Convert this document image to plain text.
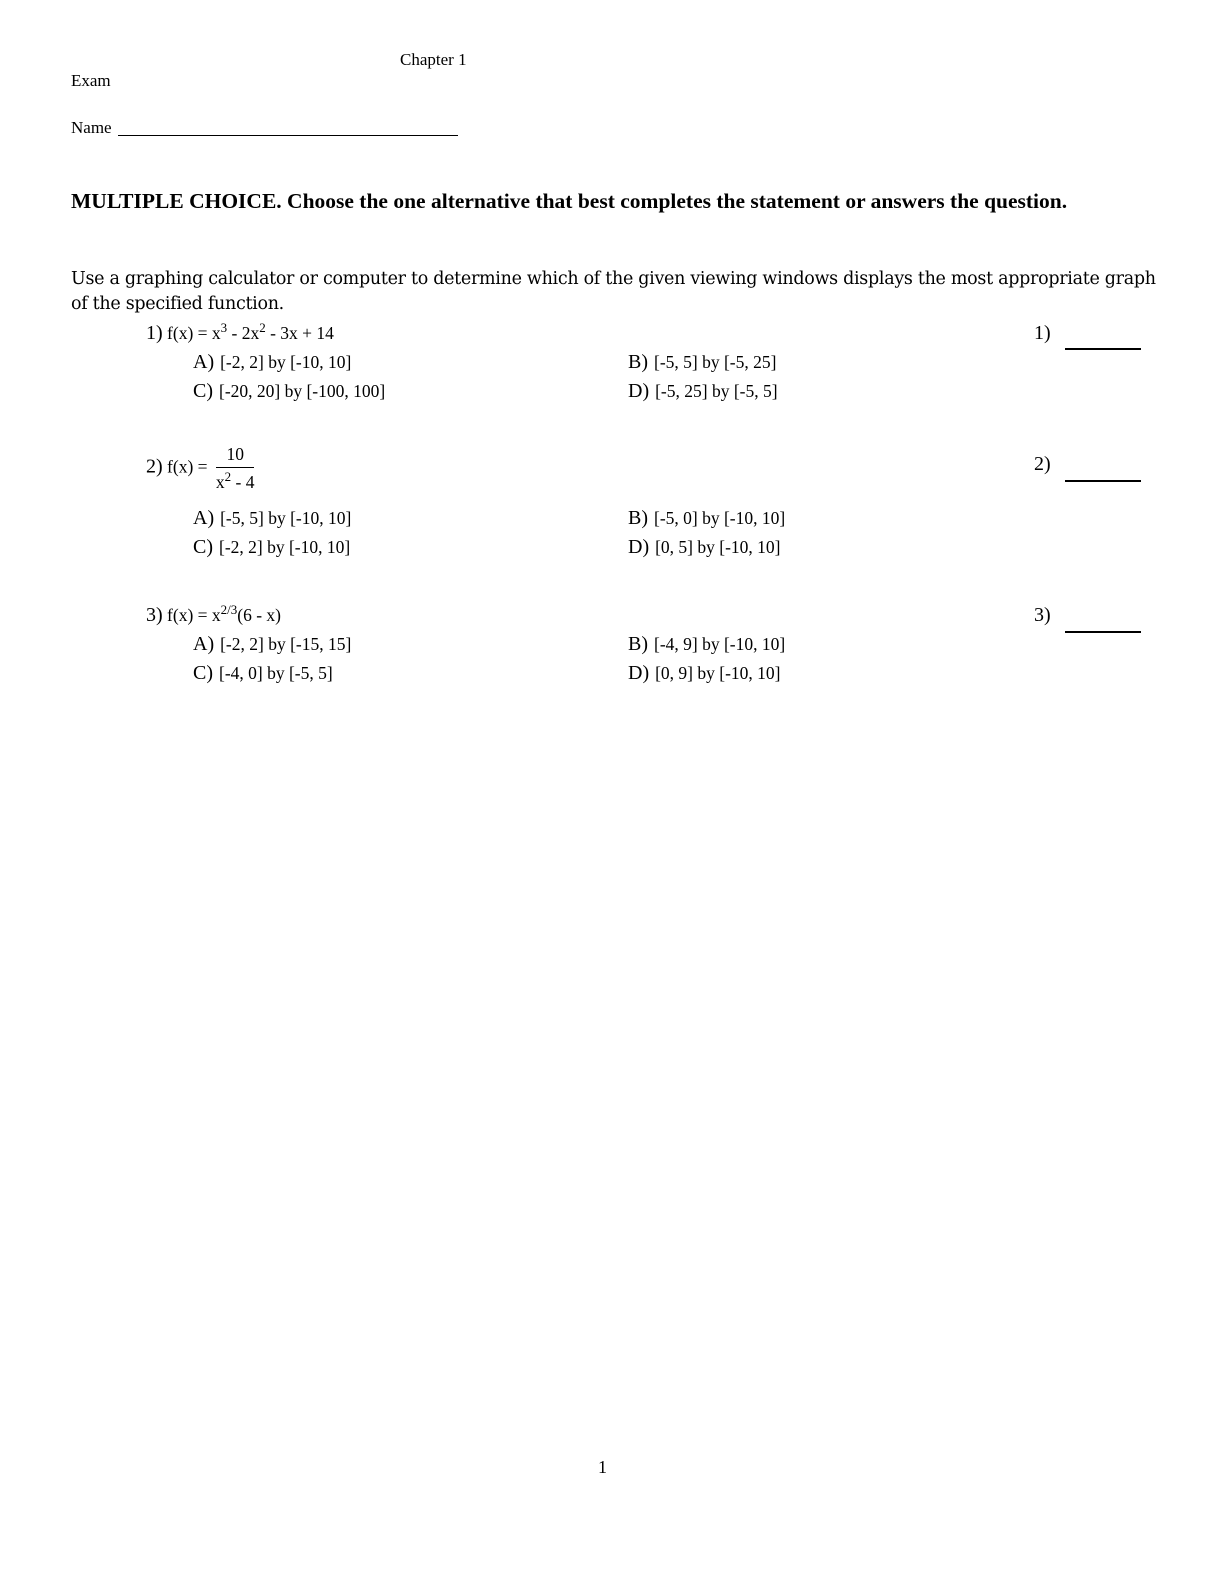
Chapter 1
Exam
Name
MULTIPLE CHOICE. Choose the one alternative that best completes the statement or answers the question.
Use a graphing calculator or computer to determine which of the given viewing windows displays the most appropriate graph of the specified function.
1) $f(x) = x^3 - 2x^2 - 3x + 14$
A) [-2, 2] by [-10, 10]	B) [-5, 5] by [-5, 25]
C) [-20, 20] by [-100, 100]	D) [-5, 25] by [-5, 5]
1)
2) $f(x) = \frac{10}{x^2 - 4}$
A) [-5, 5] by [-10, 10]	B) [-5, 0] by [-10, 10]
C) [-2, 2] by [-10, 10]	D) [0, 5] by [-10, 10]
2)
3) $f(x) = x^{2/3}(6 - x)$
A) [-2, 2] by [-15, 15]	B) [-4, 9] by [-10, 10]
C) [-4, 0] by [-5, 5]	D) [0, 9] by [-10, 10]
3)
1
